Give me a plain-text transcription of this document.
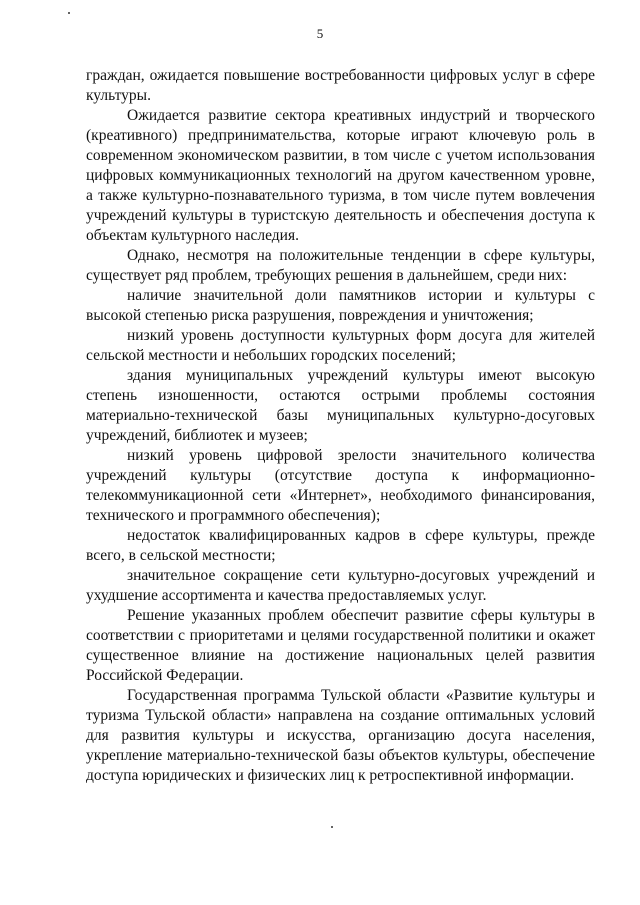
5

граждан, ожидается повышение востребованности цифровых услуг в сфере культуры.

Ожидается развитие сектора креативных индустрий и творческого (креативного) предпринимательства, которые играют ключевую роль в современном экономическом развитии, в том числе с учетом использования цифровых коммуникационных технологий на другом качественном уровне, а также культурно-познавательного туризма, в том числе путем вовлечения учреждений культуры в туристскую деятельность и обеспечения доступа к объектам культурного наследия.

Однако, несмотря на положительные тенденции в сфере культуры, существует ряд проблем, требующих решения в дальнейшем, среди них:

наличие значительной доли памятников истории и культуры с высокой степенью риска разрушения, повреждения и уничтожения;

низкий уровень доступности культурных форм досуга для жителей сельской местности и небольших городских поселений;

здания муниципальных учреждений культуры имеют высокую степень изношенности, остаются острыми проблемы состояния материально-технической базы муниципальных культурно-досуговых учреждений, библиотек и музеев;

низкий уровень цифровой зрелости значительного количества учреждений культуры (отсутствие доступа к информационно-телекоммуникационной сети «Интернет», необходимого финансирования, технического и программного обеспечения);

недостаток квалифицированных кадров в сфере культуры, прежде всего, в сельской местности;

значительное сокращение сети культурно-досуговых учреждений и ухудшение ассортимента и качества предоставляемых услуг.

Решение указанных проблем обеспечит развитие сферы культуры в соответствии с приоритетами и целями государственной политики и окажет существенное влияние на достижение национальных целей развития Российской Федерации.

Государственная программа Тульской области «Развитие культуры и туризма Тульской области» направлена на создание оптимальных условий для развития культуры и искусства, организацию досуга населения, укрепление материально-технической базы объектов культуры, обеспечение доступа юридических и физических лиц к ретроспективной информации.
